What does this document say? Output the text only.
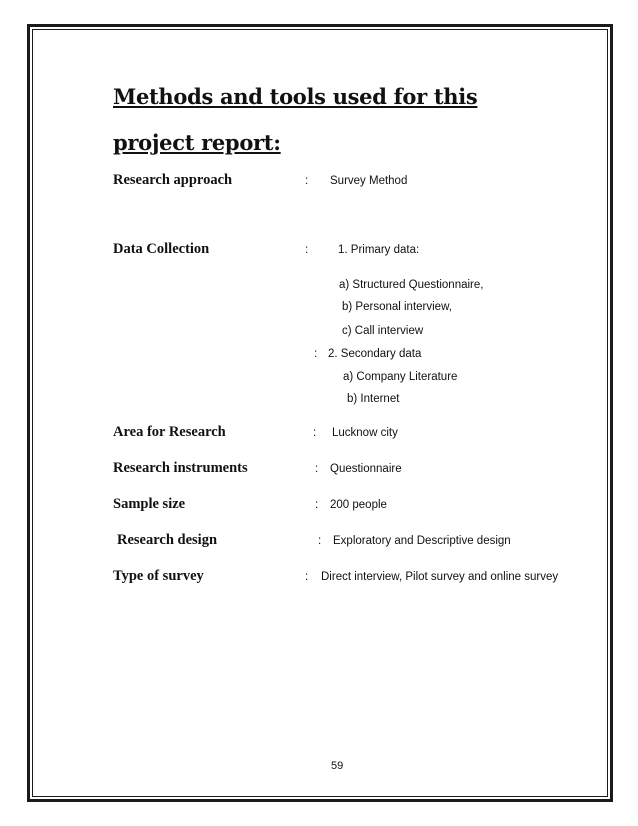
Methods and tools used for this project report:
Research approach	: Survey Method
Data Collection	:	1. Primary data:
a) Structured Questionnaire,
b) Personal interview,
c) Call interview
: 2. Secondary data
a) Company Literature
b) Internet
Area for Research	: Lucknow city
Research instruments	: Questionnaire
Sample size	: 200 people
Research design	: Exploratory and Descriptive design
Type of survey	: Direct interview, Pilot survey and online survey
59
